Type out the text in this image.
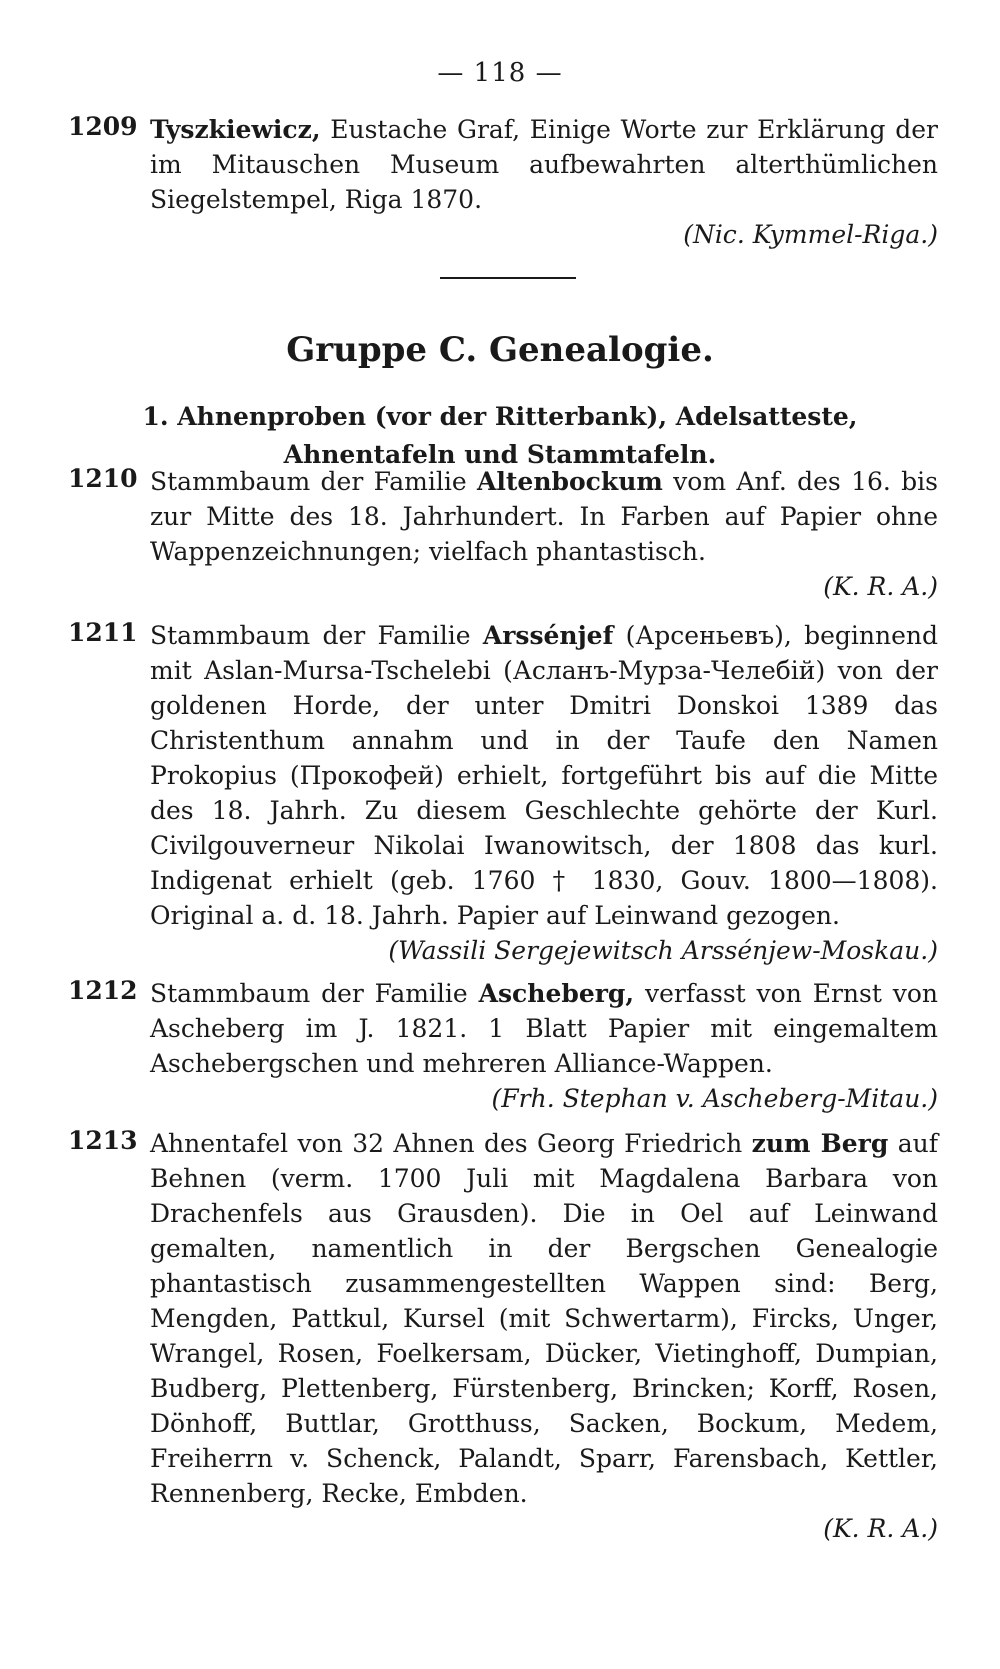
— 118 —
1209 Tyszkiewicz, Eustache Graf, Einige Worte zur Erklärung der im Mitauschen Museum aufbewahrten alterthümlichen Siegelstempel, Riga 1870.
(Nic. Kymmel-Riga.)
Gruppe C. Genealogie.
1. Ahnenproben (vor der Ritterbank), Adelsatteste,
Ahnentafeln und Stammtafeln.
1210 Stammbaum der Familie Altenbockum vom Anf. des 16. bis zur Mitte des 18. Jahrhundert. In Farben auf Papier ohne Wappenzeichnungen; vielfach phantastisch.
(K. R. A.)
1211 Stammbaum der Familie Arssénjef (Арсеньевъ), beginnend mit Aslan-Mursa-Tschelebi (Асланъ-Мурза-Челебій) von der goldenen Horde, der unter Dmitri Donskoi 1389 das Christenthum annahm und in der Taufe den Namen Prokopius (Прокофей) erhielt, fortgeführt bis auf die Mitte des 18. Jahrh. Zu diesem Geschlechte gehörte der Kurl. Civilgouverneur Nikolai Iwanowitsch, der 1808 das kurl. Indigenat erhielt (geb. 1760 † 1830, Gouv. 1800—1808). Original a. d. 18. Jahrh. Papier auf Leinwand gezogen.
(Wassili Sergejewitsch Arssénjew-Moskau.)
1212 Stammbaum der Familie Ascheberg, verfasst von Ernst von Ascheberg im J. 1821. 1 Blatt Papier mit eingemaltem Aschebergschen und mehreren Alliance-Wappen.
(Frh. Stephan v. Ascheberg-Mitau.)
1213 Ahnentafel von 32 Ahnen des Georg Friedrich zum Berg auf Behnen (verm. 1700 Juli mit Magdalena Barbara von Drachenfels aus Grausden). Die in Oel auf Leinwand gemalten, namentlich in der Bergschen Genealogie phantastisch zusammengestellten Wappen sind: Berg, Mengden, Pattkul, Kursel (mit Schwertarm), Fircks, Unger, Wrangel, Rosen, Foelkersam, Dücker, Vietinghoff, Dumpian, Budberg, Plettenberg, Fürstenberg, Brincken; Korff, Rosen, Dönhoff, Buttlar, Grotthuss, Sacken, Bockum, Medem, Freiherrn v. Schenck, Palandt, Sparr, Farensbach, Kettler, Rennenberg, Recke, Embden.
(K. R. A.)
